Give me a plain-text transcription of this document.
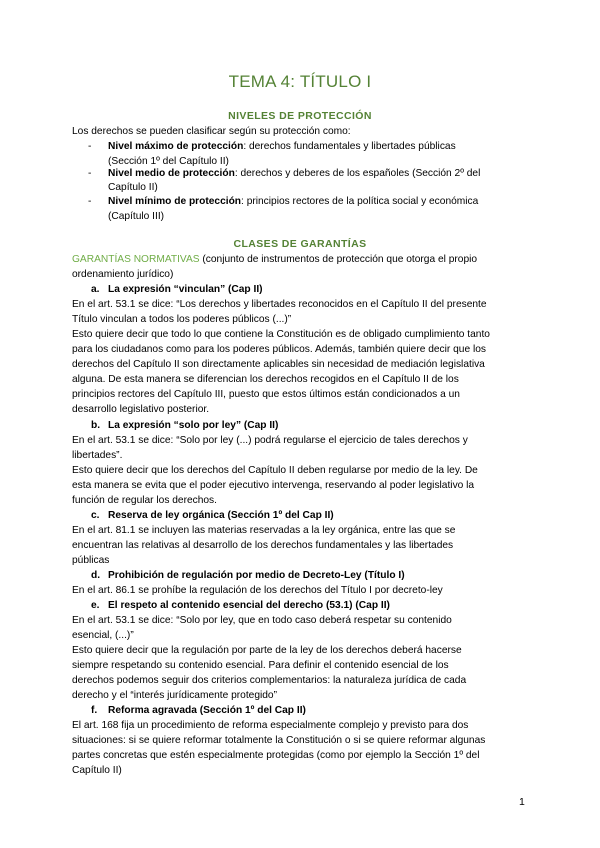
TEMA 4: TÍTULO I
NIVELES DE PROTECCIÓN
Los derechos se pueden clasificar según su protección como:
- Nivel máximo de protección: derechos fundamentales y libertades públicas
(Sección 1º del Capítulo II)
- Nivel medio de protección: derechos y deberes de los españoles (Sección 2º del
Capítulo II)
- Nivel mínimo de protección: principios rectores de la política social y económica
(Capítulo III)
CLASES DE GARANTÍAS
GARANTÍAS NORMATIVAS (conjunto de instrumentos de protección que otorga el propio
ordenamiento jurídico)
a. La expresión “vinculan” (Cap II)
En el art. 53.1 se dice: “Los derechos y libertades reconocidos en el Capítulo II del presente
Título vinculan a todos los poderes públicos (...)”
Esto quiere decir que todo lo que contiene la Constitución es de obligado cumplimiento tanto
para los ciudadanos como para los poderes públicos. Además, también quiere decir que los
derechos del Capítulo II son directamente aplicables sin necesidad de mediación legislativa
alguna. De esta manera se diferencian los derechos recogidos en el Capítulo II de los
principios rectores del Capítulo III, puesto que estos últimos están condicionados a un
desarrollo legislativo posterior.
b. La expresión “solo por ley” (Cap II)
En el art. 53.1 se dice: “Solo por ley (...) podrá regularse el ejercicio de tales derechos y
libertades”.
Esto quiere decir que los derechos del Capítulo II deben regularse por medio de la ley. De
esta manera se evita que el poder ejecutivo intervenga, reservando al poder legislativo la
función de regular los derechos.
c. Reserva de ley orgánica (Sección 1º del Cap II)
En el art. 81.1 se incluyen las materias reservadas a la ley orgánica, entre las que se
encuentran las relativas al desarrollo de los derechos fundamentales y las libertades
públicas
d. Prohibición de regulación por medio de Decreto-Ley (Título I)
En el art. 86.1 se prohíbe la regulación de los derechos del Título I por decreto-ley
e. El respeto al contenido esencial del derecho (53.1) (Cap II)
En el art. 53.1 se dice: “Solo por ley, que en todo caso deberá respetar su contenido
esencial, (...)”
Esto quiere decir que la regulación por parte de la ley de los derechos deberá hacerse
siempre respetando su contenido esencial. Para definir el contenido esencial de los
derechos podemos seguir dos criterios complementarios: la naturaleza jurídica de cada
derecho y el “interés jurídicamente protegido”
f. Reforma agravada (Sección 1º del Cap II)
El art. 168 fija un procedimiento de reforma especialmente complejo y previsto para dos
situaciones: si se quiere reformar totalmente la Constitución o si se quiere reformar algunas
partes concretas que estén especialmente protegidas (como por ejemplo la Sección 1º del
Capítulo II)
1
